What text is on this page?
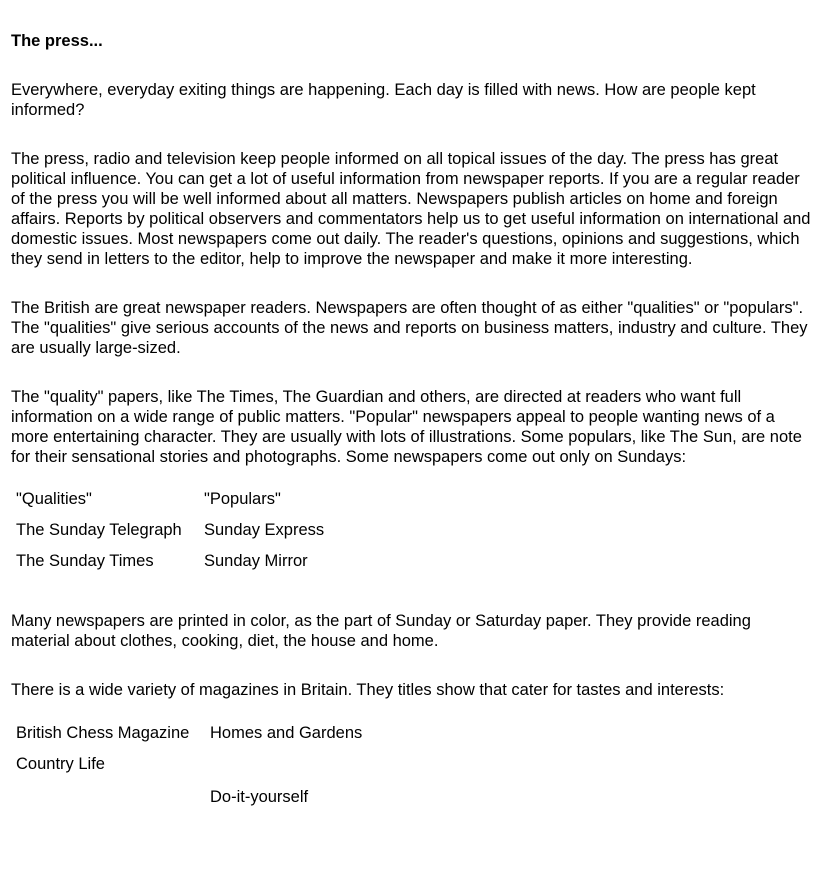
The press...

Everywhere, everyday exiting things are happening. Each day is filled with news. How are people kept informed?

The press, radio and television keep people informed on all topical issues of the day. The press has great political influence. You can get a lot of useful information from newspaper reports. If you are a regular reader of the press you will be well informed about all matters. Newspapers publish articles on home and foreign affairs. Reports by political observers and commentators help us to get useful information on international and domestic issues. Most newspapers come out daily. The reader's questions, opinions and suggestions, which they send in letters to the editor, help to improve the newspaper and make it more interesting.

The British are great newspaper readers. Newspapers are often thought of as either "qualities" or "populars". The "qualities" give serious accounts of the news and reports on business matters, industry and culture. They are usually large-sized.

The "quality" papers, like The Times, The Guardian and others, are directed at readers who want full information on a wide range of public matters. "Popular" newspapers appeal to people wanting news of a more entertaining character. They are usually with lots of illustrations. Some populars, like The Sun, are note for their sensational stories and photographs. Some newspapers come out only on Sundays:

"Qualities"	"Populars"
The Sunday Telegraph	Sunday Express
The Sunday Times	Sunday Mirror

Many newspapers are printed in color, as the part of Sunday or Saturday paper. They provide reading material about clothes, cooking, diet, the house and home.

There is a wide variety of magazines in Britain. They titles show that cater for tastes and interests:

British Chess Magazine	Homes and Gardens
Country Life	
	Do-it-yourself
